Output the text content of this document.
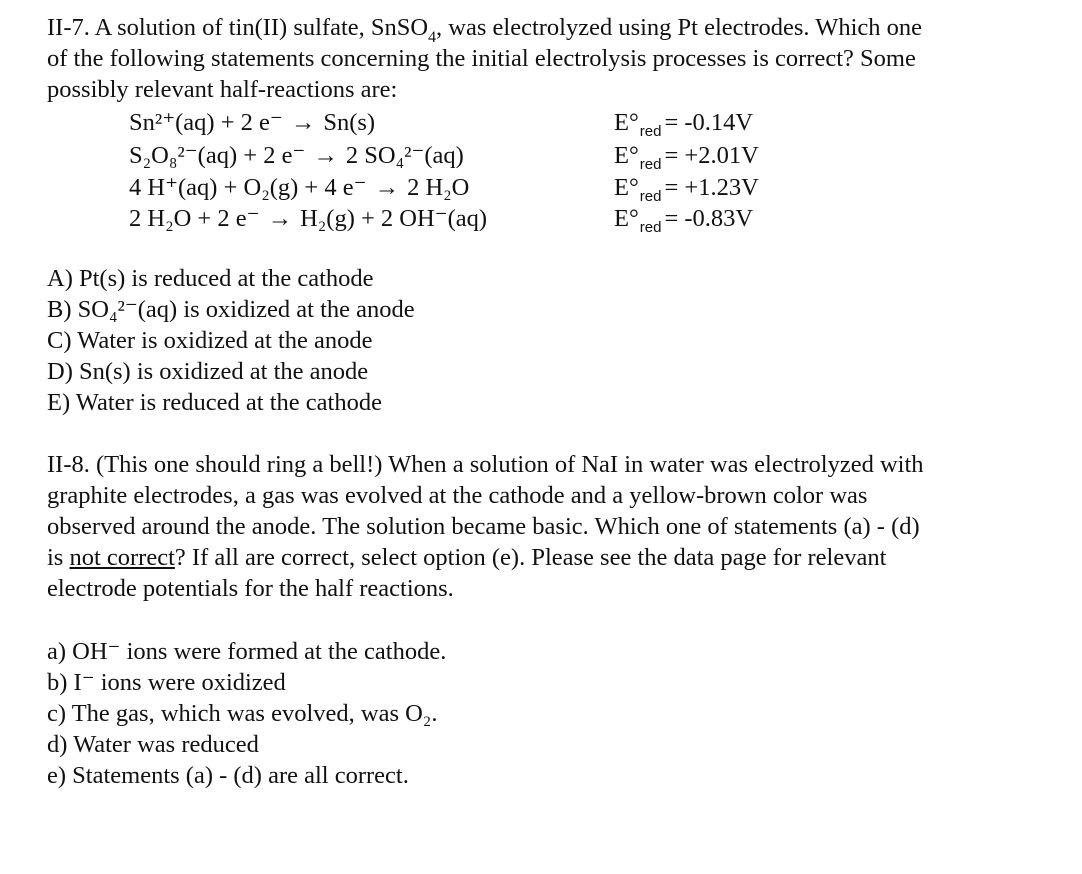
II-7. A solution of tin(II) sulfate, SnSO$_4$, was electrolyzed using Pt electrodes. Which one
of the following statements concerning the initial electrolysis processes is correct? Some
possibly relevant half-reactions are:
Sn²⁺(aq) + 2 e⁻ → Sn(s)	$E^\circ_{red} = -0.14V$
S₂O₈²⁻(aq) + 2 e⁻ → 2 SO₄²⁻(aq)	$E^\circ_{red} = +2.01V$
4 H⁺(aq) + O₂(g) + 4 e⁻ → 2 H₂O	$E^\circ_{red} = +1.23V$
2 H₂O + 2 e⁻ → H₂(g) + 2 OH⁻(aq)	$E^\circ_{red} = -0.83V$
A) Pt(s) is reduced at the cathode
B) SO₄²⁻(aq) is oxidized at the anode
C) Water is oxidized at the anode
D) Sn(s) is oxidized at the anode
E) Water is reduced at the cathode
II-8. (This one should ring a bell!) When a solution of NaI in water was electrolyzed with
graphite electrodes, a gas was evolved at the cathode and a yellow-brown color was
observed around the anode. The solution became basic. Which one of statements (a) - (d)
is not correct? If all are correct, select option (e). Please see the data page for relevant
electrode potentials for the half reactions.
a) OH⁻ ions were formed at the cathode.
b) I⁻ ions were oxidized
c) The gas, which was evolved, was O₂.
d) Water was reduced
e) Statements (a) - (d) are all correct.
